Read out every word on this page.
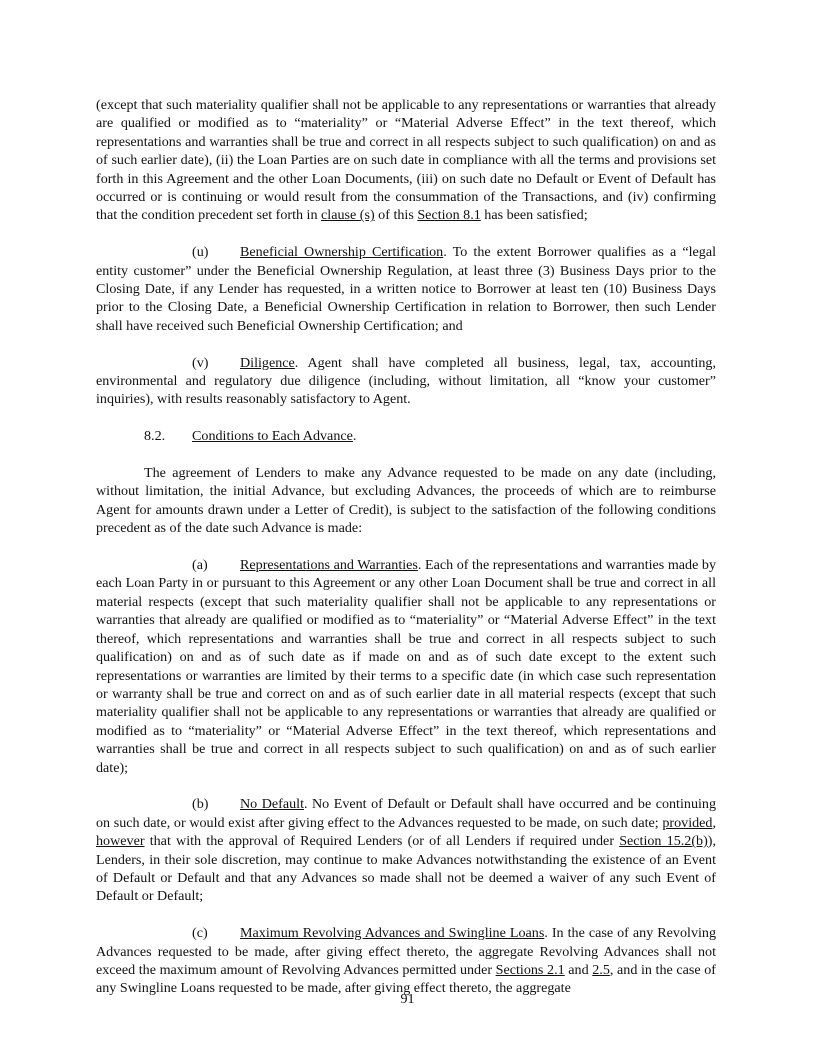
(except that such materiality qualifier shall not be applicable to any representations or warranties that already are qualified or modified as to “materiality” or “Material Adverse Effect” in the text thereof, which representations and warranties shall be true and correct in all respects subject to such qualification) on and as of such earlier date), (ii) the Loan Parties are on such date in compliance with all the terms and provisions set forth in this Agreement and the other Loan Documents, (iii) on such date no Default or Event of Default has occurred or is continuing or would result from the consummation of the Transactions, and (iv) confirming that the condition precedent set forth in clause (s) of this Section 8.1 has been satisfied;

(u) Beneficial Ownership Certification. To the extent Borrower qualifies as a “legal entity customer” under the Beneficial Ownership Regulation, at least three (3) Business Days prior to the Closing Date, if any Lender has requested, in a written notice to Borrower at least ten (10) Business Days prior to the Closing Date, a Beneficial Ownership Certification in relation to Borrower, then such Lender shall have received such Beneficial Ownership Certification; and

(v) Diligence. Agent shall have completed all business, legal, tax, accounting, environmental and regulatory due diligence (including, without limitation, all “know your customer” inquiries), with results reasonably satisfactory to Agent.

8.2. Conditions to Each Advance.

The agreement of Lenders to make any Advance requested to be made on any date (including, without limitation, the initial Advance, but excluding Advances, the proceeds of which are to reimburse Agent for amounts drawn under a Letter of Credit), is subject to the satisfaction of the following conditions precedent as of the date such Advance is made:

(a) Representations and Warranties. Each of the representations and warranties made by each Loan Party in or pursuant to this Agreement or any other Loan Document shall be true and correct in all material respects (except that such materiality qualifier shall not be applicable to any representations or warranties that already are qualified or modified as to “materiality” or “Material Adverse Effect” in the text thereof, which representations and warranties shall be true and correct in all respects subject to such qualification) on and as of such date as if made on and as of such date except to the extent such representations or warranties are limited by their terms to a specific date (in which case such representation or warranty shall be true and correct on and as of such earlier date in all material respects (except that such materiality qualifier shall not be applicable to any representations or warranties that already are qualified or modified as to “materiality” or “Material Adverse Effect” in the text thereof, which representations and warranties shall be true and correct in all respects subject to such qualification) on and as of such earlier date);

(b) No Default. No Event of Default or Default shall have occurred and be continuing on such date, or would exist after giving effect to the Advances requested to be made, on such date; provided, however that with the approval of Required Lenders (or of all Lenders if required under Section 15.2(b)), Lenders, in their sole discretion, may continue to make Advances notwithstanding the existence of an Event of Default or Default and that any Advances so made shall not be deemed a waiver of any such Event of Default or Default;

(c) Maximum Revolving Advances and Swingline Loans. In the case of any Revolving Advances requested to be made, after giving effect thereto, the aggregate Revolving Advances shall not exceed the maximum amount of Revolving Advances permitted under Sections 2.1 and 2.5, and in the case of any Swingline Loans requested to be made, after giving effect thereto, the aggregate

91
